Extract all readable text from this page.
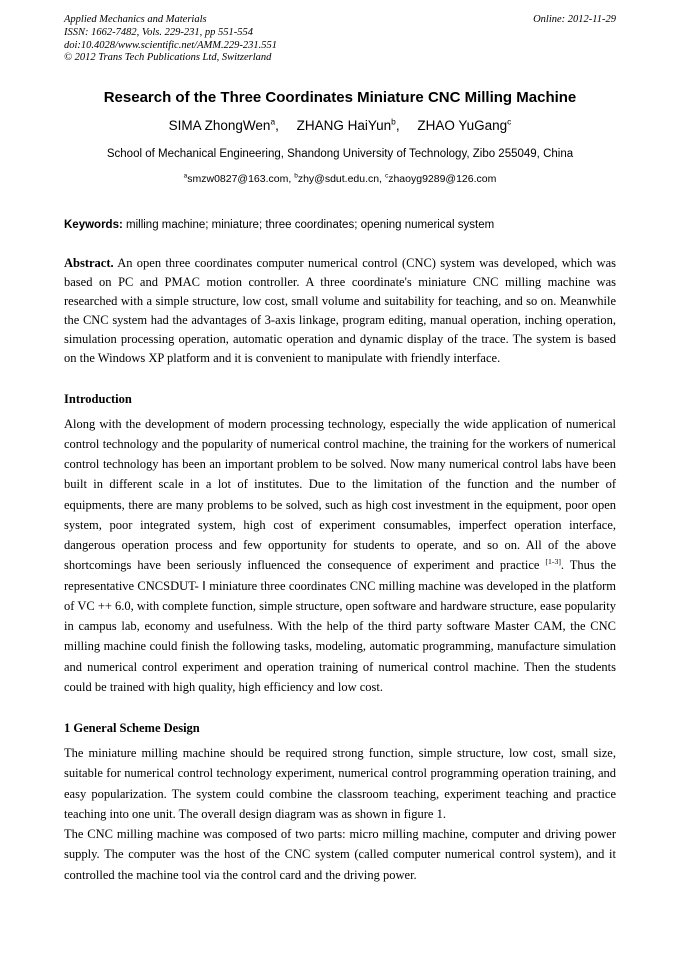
Applied Mechanics and Materials
ISSN: 1662-7482, Vols. 229-231, pp 551-554
doi:10.4028/www.scientific.net/AMM.229-231.551
© 2012 Trans Tech Publications Ltd, Switzerland
Online: 2012-11-29
Research of the Three Coordinates Miniature CNC Milling Machine
SIMA ZhongWen$^a$, ZHANG HaiYun$^b$, ZHAO YuGang$^c$
School of Mechanical Engineering, Shandong University of Technology, Zibo 255049, China
$^a$smzw0827@163.com, $^b$zhy@sdut.edu.cn, $^c$zhaoyg9289@126.com

Keywords: milling machine; miniature; three coordinates; opening numerical system

Abstract. An open three coordinates computer numerical control (CNC) system was developed, which was based on PC and PMAC motion controller. A three coordinate's miniature CNC milling machine was researched with a simple structure, low cost, small volume and suitability for teaching, and so on. Meanwhile the CNC system had the advantages of 3-axis linkage, program editing, manual operation, inching operation, simulation processing operation, automatic operation and dynamic display of the trace. The system is based on the Windows XP platform and it is convenient to manipulate with friendly interface.

Introduction

Along with the development of modern processing technology, especially the wide application of numerical control technology and the popularity of numerical control machine, the training for the workers of numerical control technology has been an important problem to be solved. Now many numerical control labs have been built in different scale in a lot of institutes. Due to the limitation of the function and the number of equipments, there are many problems to be solved, such as high cost investment in the equipment, poor open system, poor integrated system, high cost of experiment consumables, imperfect operation interface, dangerous operation process and few opportunity for students to operate, and so on. All of the above shortcomings have been seriously influenced the consequence of experiment and practice [1-3]. Thus the representative CNCSDUT- Ⅰ miniature three coordinates CNC milling machine was developed in the platform of VC ++ 6.0, with complete function, simple structure, open software and hardware structure, ease popularity in campus lab, economy and usefulness. With the help of the third party software Master CAM, the CNC milling machine could finish the following tasks, modeling, automatic programming, manufacture simulation and numerical control experiment and operation training of numerical control machine. Then the students could be trained with high quality, high efficiency and low cost.

1 General Scheme Design

The miniature milling machine should be required strong function, simple structure, low cost, small size, suitable for numerical control technology experiment, numerical control programming operation training, and easy popularization. The system could combine the classroom teaching, experiment teaching and practice teaching into one unit. The overall design diagram was as shown in figure 1.

The CNC milling machine was composed of two parts: micro milling machine, computer and driving power supply. The computer was the host of the CNC system (called computer numerical control system), and it controlled the machine tool via the control card and the driving power.
